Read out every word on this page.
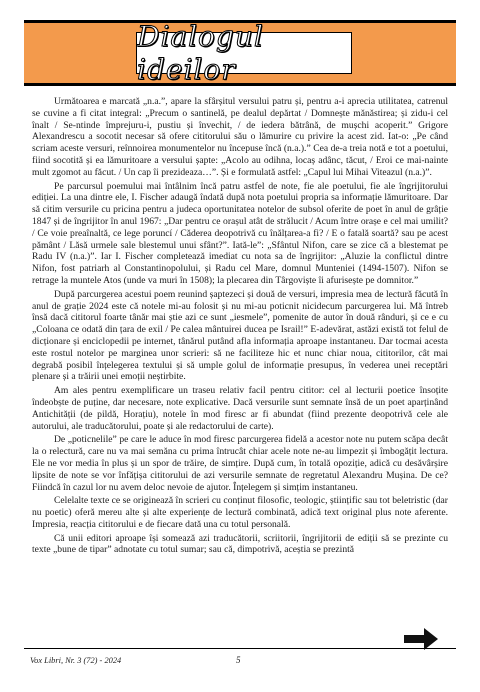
Dialogul ideilor

Următoarea e marcată „n.a.”, apare la sfârșitul versului patru și, pentru a-i aprecia utilitatea, catrenul se cuvine a fi citat integral: „Precum o santinelă, pe dealul depărtat / Domnește mănăstirea; și zidu-i cel înalt / Se-ntinde împrejuru-i, pustiu și învechit, / de iedera bătrână, de mușchi acoperit.” Grigore Alexandrescu a socotit necesar să ofere cititorului său o lămurire cu privire la acest zid. Iat-o: „Pe când scriam aceste versuri, reînnoirea monumentelor nu începuse încă (n.a.).” Cea de-a treia notă e tot a poetului, fiind socotită și ea lămuritoare a versului șapte: „Acolo au odihna, locaș adânc, tăcut, / Eroi ce mai-nainte mult zgomot au făcut. / Un cap îi prezideaza…”. Și e formulată astfel: „Capul lui Mihai Viteazul (n.a.)”.

Pe parcursul poemului mai întâlnim încă patru astfel de note, fie ale poetului, fie ale îngrijitorului ediției. La una dintre ele, I. Fischer adaugă îndată după nota poetului propria sa informație lămuritoare. Dar să citim versurile cu pricina pentru a judeca oportunitatea notelor de subsol oferite de poet în anul de grâție 1847 și de îngrijitor în anul 1967: „Dar pentru ce orașul atât de strălucit / Acum între orașe e cel mai umilit? / Ce voie preaînaltă, ce lege poruncí / Căderea deopotrivă cu înălțarea-a fi? / E o fatală soartă? sau pe acest pământ / Lăsă urmele sale blestemul unui sfânt?”. Iată-le”: „Sfântul Nifon, care se zice că a blestemat pe Radu IV (n.a.)”. Iar I. Fischer completează imediat cu nota sa de îngrijitor: „Aluzie la conflictul dintre Nifon, fost patriarh al Constantinopolului, și Radu cel Mare, domnul Munteniei (1494-1507). Nifon se retrage la muntele Atos (unde va muri în 1508); la plecarea din Târgoviște îi afurisește pe domnitor.”

După parcurgerea acestui poem reunind șaptezeci și două de versuri, impresia mea de lectură făcută în anul de grație 2024 este că notele mi-au folosit și nu mi-au poticnit nicidecum parcurgerea lui. Mă întreb însă dacă cititorul foarte tânăr mai știe azi ce sunt „iesmele”, pomenite de autor în două rânduri, și ce e cu „Coloana ce odată din țara de exil / Pe calea mântuirei ducea pe Israil!” E-adevărat, astăzi există tot felul de dicționare și enciclopedii pe internet, tânărul putând afla informația aproape instantaneu. Dar tocmai acesta este rostul notelor pe marginea unor scrieri: să ne faciliteze hic et nunc chiar noua, cititorilor, cât mai degrabă posibil înțelegerea textului și să umple golul de informație presupus, în vederea unei receptări plenare și a trăirii unei emoții neștirbite.

Am ales pentru exemplificare un traseu relativ facil pentru cititor: cel al lecturii poetice însoțite îndeobște de puține, dar necesare, note explicative. Dacă versurile sunt semnate însă de un poet aparținând Antichității (de pildă, Horațiu), notele în mod firesc ar fi abundat (fiind prezente deopotrivă cele ale autorului, ale traducătorului, poate și ale redactorului de carte).

De „poticnelile” pe care le aduce în mod firesc parcurgerea fidelă a acestor note nu putem scăpa decât la o relectură, care nu va mai semăna cu prima întrucât chiar acele note ne-au limpezit și îmbogățit lectura. Ele ne vor media în plus și un spor de trăire, de simțire. După cum, în totală opoziție, adică cu desăvârșire lipsite de note se vor înfățișa cititorului de azi versurile semnate de regretatul Alexandru Mușina. De ce? Fiindcă în cazul lor nu avem deloc nevoie de ajutor. Înțelegem și simțim instantaneu.

Celelalte texte ce se originează în scrieri cu conținut filosofic, teologic, științific sau tot beletristic (dar nu poetic) oferă mereu alte și alte experiențe de lectură combinată, adică text original plus note aferente. Impresia, reacția cititorului e de fiecare dată una cu totul personală.

Că unii editori aproape își somează azi traducătorii, scriitorii, îngrijitorii de ediții să se prezinte cu texte „bune de tipar” adnotate cu totul sumar; sau că, dimpotrivă, aceștia se prezintă

Vox Libri, Nr. 3 (72) - 2024	5
